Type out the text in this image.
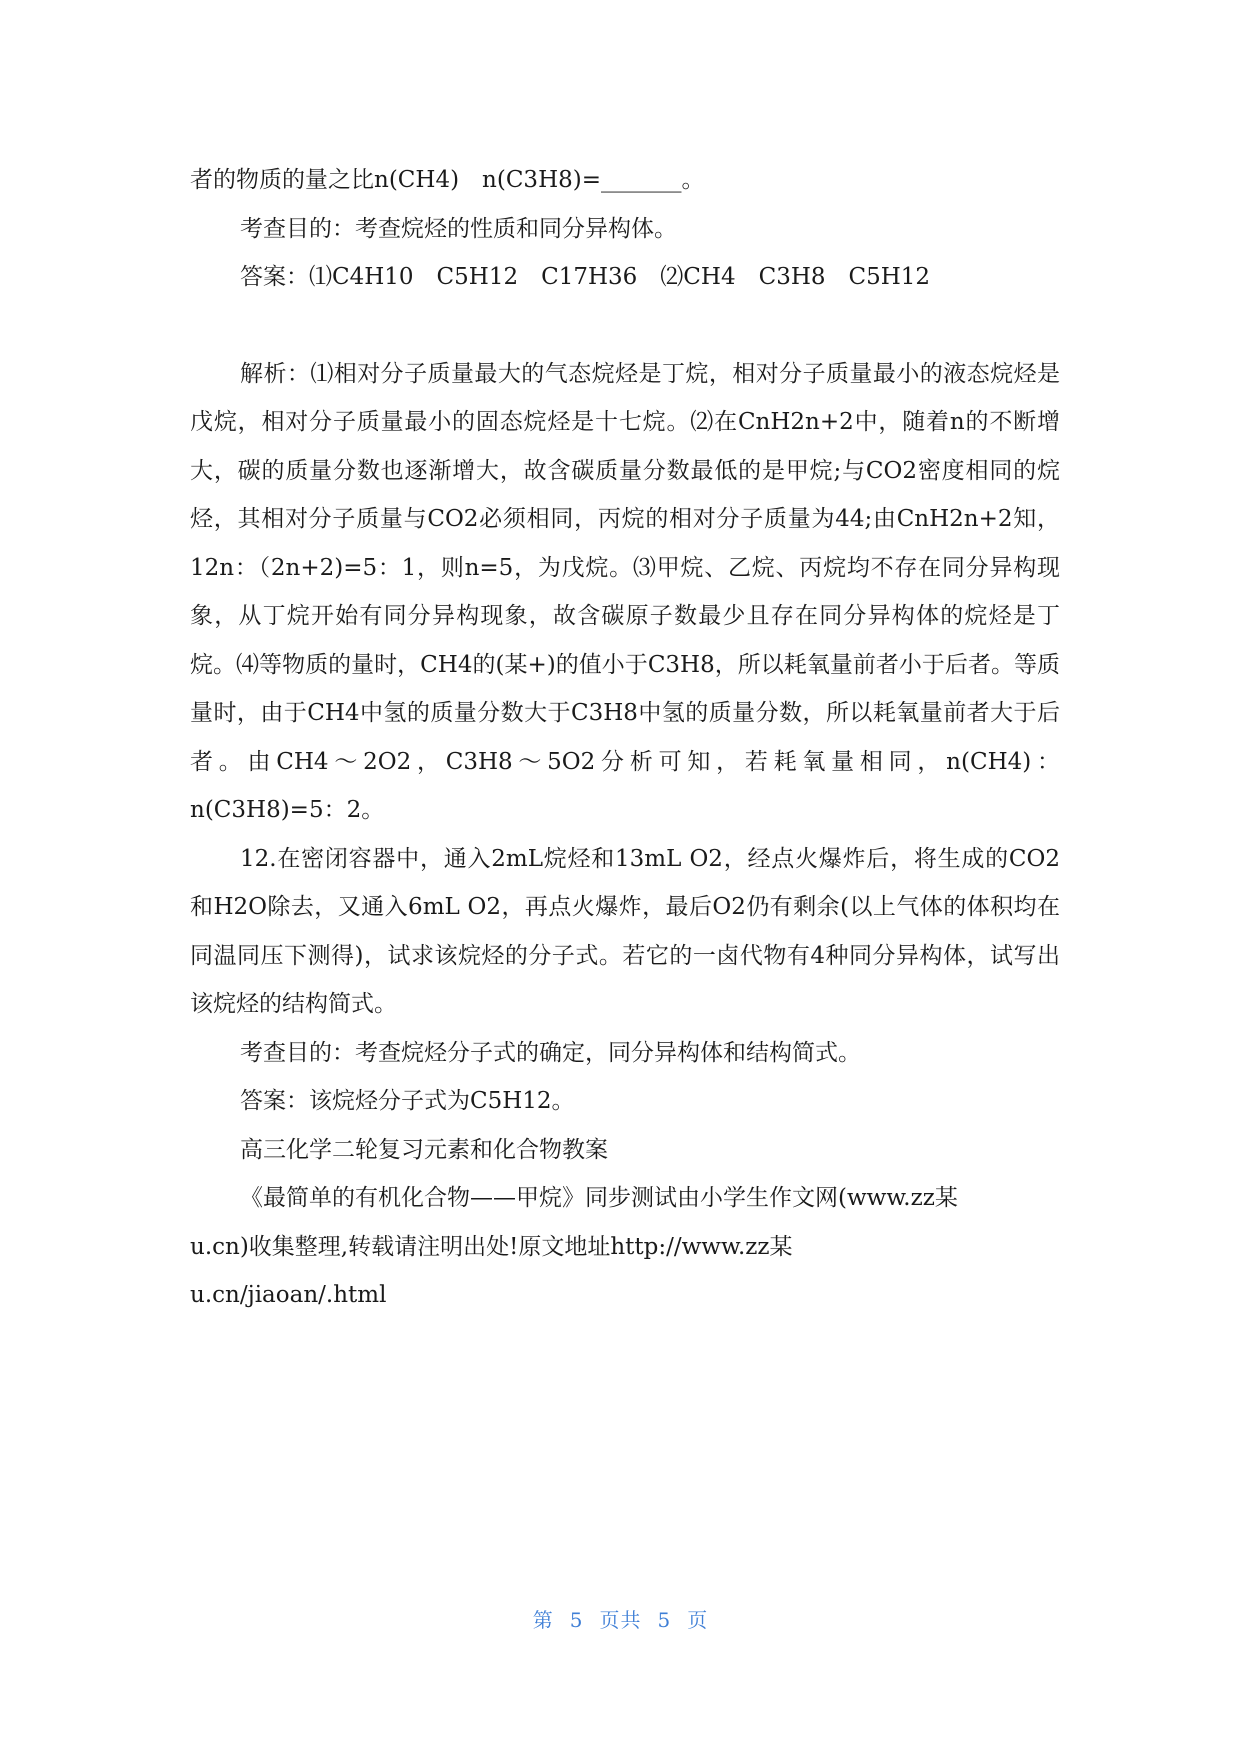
者的物质的量之比n(CH4)　n(C3H8)=_______。

考查目的：考查烷烃的性质和同分异构体。

答案：⑴C4H10　C5H12　C17H36　⑵CH4　C3H8　C5H12

解析：⑴相对分子质量最大的气态烷烃是丁烷，相对分子质量最小的液态烷烃是戊烷，相对分子质量最小的固态烷烃是十七烷。⑵在CnH2n+2中，随着n的不断增大，碳的质量分数也逐渐增大，故含碳质量分数最低的是甲烷;与CO2密度相同的烷烃，其相对分子质量与CO2必须相同，丙烷的相对分子质量为44;由CnH2n+2知，12n：（2n+2)=5：1，则n=5，为戊烷。⑶甲烷、乙烷、丙烷均不存在同分异构现象，从丁烷开始有同分异构现象，故含碳原子数最少且存在同分异构体的烷烃是丁烷。⑷等物质的量时，CH4的(某+)的值小于C3H8，所以耗氧量前者小于后者。等质量时，由于CH4中氢的质量分数大于C3H8中氢的质量分数，所以耗氧量前者大于后者。由CH4～2O2，C3H8～5O2分析可知，若耗氧量相同，n(CH4)：n(C3H8)=5：2。

12.在密闭容器中，通入2mL烷烃和13mL O2，经点火爆炸后，将生成的CO2和H2O除去，又通入6mL O2，再点火爆炸，最后O2仍有剩余(以上气体的体积均在同温同压下测得)，试求该烷烃的分子式。若它的一卤代物有4种同分异构体，试写出该烷烃的结构简式。

考查目的：考查烷烃分子式的确定，同分异构体和结构简式。

答案：该烷烃分子式为C5H12。

高三化学二轮复习元素和化合物教案

《最简单的有机化合物——甲烷》同步测试由小学生作文网(www.zz某

u.cn)收集整理,转载请注明出处!原文地址http://www.zz某

u.cn/jiaoan/.html

第 5 页共 5 页
